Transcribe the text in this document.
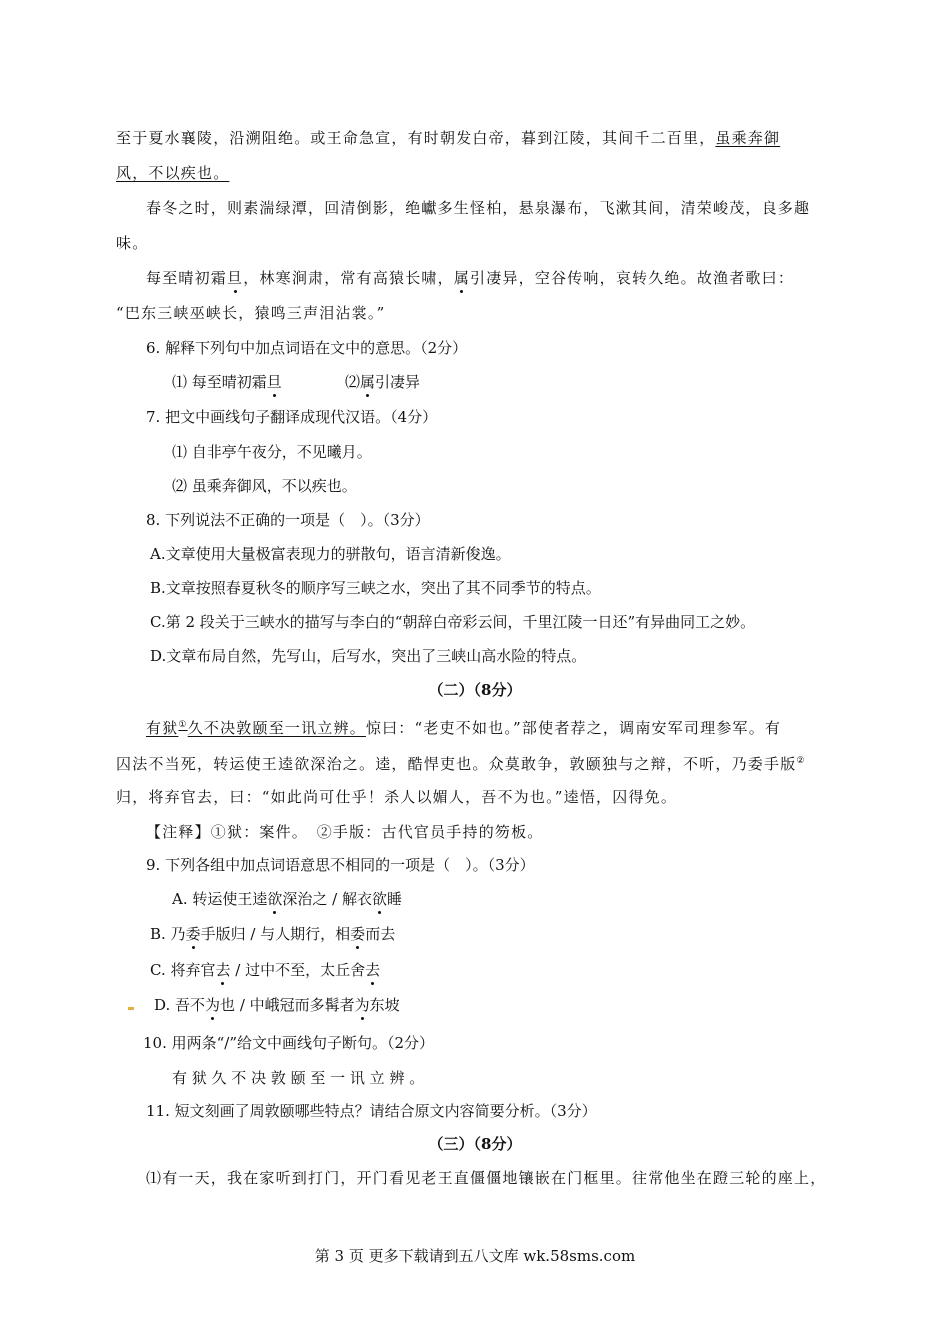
至于夏水襄陵，沿溯阻绝。或王命急宣，有时朝发白帝，暮到江陵，其间千二百里，虽乘奔御
风，不以疾也。
春冬之时，则素湍绿潭，回清倒影，绝巘多生怪柏，悬泉瀑布，飞漱其间，清荣峻茂，良多趣
味。
每至晴初霜旦，林寒涧肃，常有高猿长啸，属引凄异，空谷传响，哀转久绝。故渔者歌曰：
“巴东三峡巫峡长，猿鸣三声泪沾裳。”
6. 解释下列句中加点词语在文中的意思。（2分）
⑴ 每至晴初霜旦	⑵属引凄异
7. 把文中画线句子翻译成现代汉语。（4分）
⑴ 自非亭午夜分，不见曦月。
⑵ 虽乘奔御风，不以疾也。
8. 下列说法不正确的一项是（　）。（3分）
A.文章使用大量极富表现力的骈散句，语言清新俊逸。
B.文章按照春夏秋冬的顺序写三峡之水，突出了其不同季节的特点。
C.第 2 段关于三峡水的描写与李白的“朝辞白帝彩云间，千里江陵一日还”有异曲同工之妙。
D.文章布局自然，先写山，后写水，突出了三峡山高水险的特点。
（二）（8分）
有狱①久不决敦颐至一讯立辨。惊曰：“老吏不如也。”部使者荐之，调南安军司理参军。有
囚法不当死，转运使王逵欲深治之。逵，酷悍吏也。众莫敢争，敦颐独与之辩，不听，乃委手版②
归，将弃官去，曰：“如此尚可仕乎！杀人以媚人，吾不为也。”逵悟，囚得免。
【注释】①狱：案件。　②手版：古代官员手持的笏板。
9. 下列各组中加点词语意思不相同的一项是（　）。（3分）
A. 转运使王逵欲深治之 / 解衣欲睡
B. 乃委手版归 / 与人期行，相委而去
C. 将弃官去 / 过中不至，太丘舍去
D. 吾不为也 / 中峨冠而多髯者为东坡
10. 用两条“/”给文中画线句子断句。（2分）
有 狱 久 不 决 敦 颐 至 一 讯 立 辨 。
11. 短文刻画了周敦颐哪些特点？请结合原文内容简要分析。（3分）
（三）（8分）
⑴有一天，我在家听到打门，开门看见老王直僵僵地镶嵌在门框里。往常他坐在蹬三轮的座上，
第 3 页 更多下载请到五八文库 wk.58sms.com
